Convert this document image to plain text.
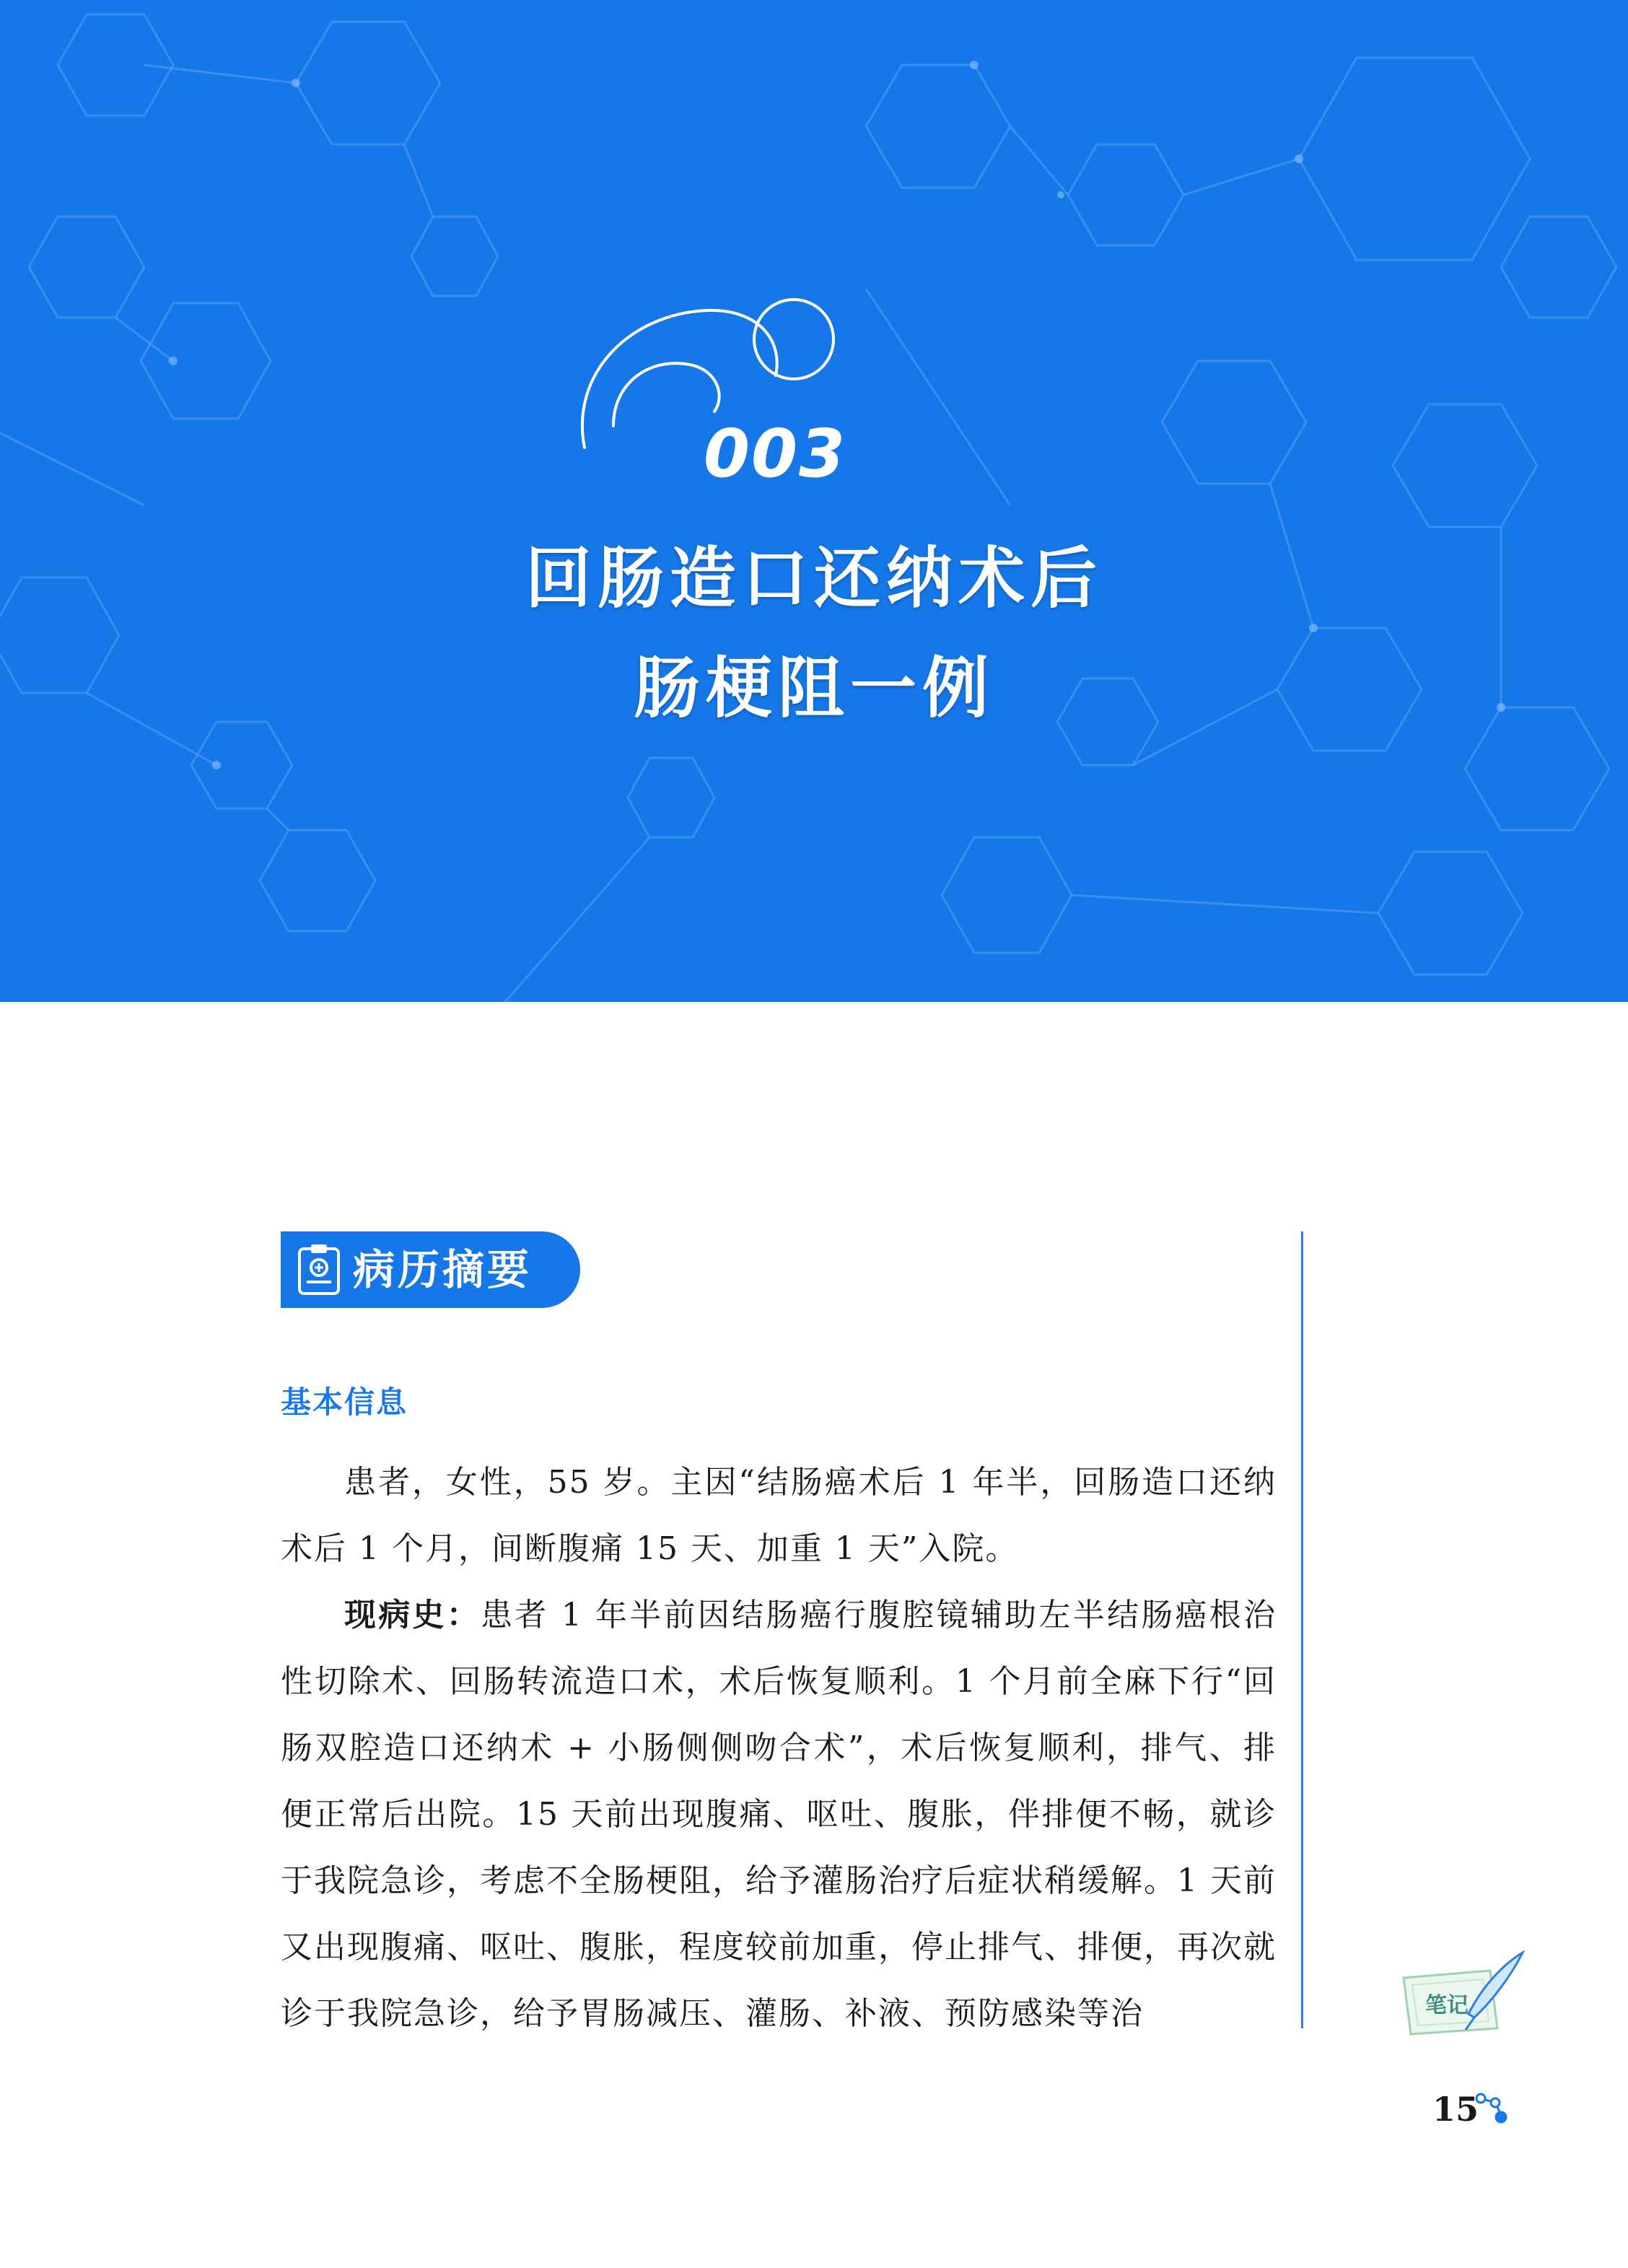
003
回肠造口还纳术后
肠梗阻一例
病历摘要
基本信息

患者，女性，55 岁。主因“结肠癌术后 1 年半，回肠造口还纳术后 1 个月，间断腹痛 15 天、加重 1 天”入院。

现病史：患者 1 年半前因结肠癌行腹腔镜辅助左半结肠癌根治性切除术、回肠转流造口术，术后恢复顺利。1 个月前全麻下行“回肠双腔造口还纳术 + 小肠侧侧吻合术”，术后恢复顺利，排气、排便正常后出院。15 天前出现腹痛、呕吐、腹胀，伴排便不畅，就诊于我院急诊，考虑不全肠梗阻，给予灌肠治疗后症状稍缓解。1 天前又出现腹痛、呕吐、腹胀，程度较前加重，停止排气、排便，再次就诊于我院急诊，给予胃肠减压、灌肠、补液、预防感染等治	笔记
15
